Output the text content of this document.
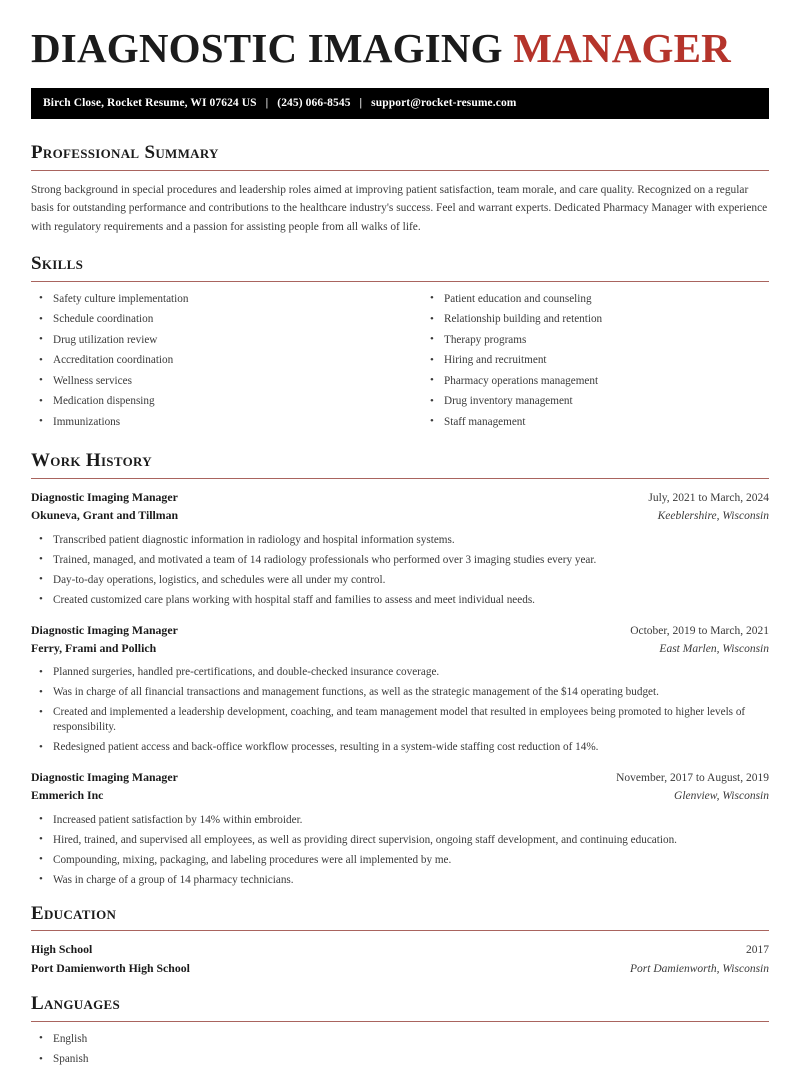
DIAGNOSTIC IMAGING MANAGER
Birch Close, Rocket Resume, WI 07624 US | (245) 066-8545 | support@rocket-resume.com
Professional Summary

Strong background in special procedures and leadership roles aimed at improving patient satisfaction, team morale, and care quality. Recognized on a regular basis for outstanding performance and contributions to the healthcare industry's success. Feel and warrant experts. Dedicated Pharmacy Manager with experience with regulatory requirements and a passion for assisting people from all walks of life.

Skills
• Safety culture implementation
• Schedule coordination
• Drug utilization review
• Accreditation coordination
• Wellness services
• Medication dispensing
• Immunizations
• Patient education and counseling
• Relationship building and retention
• Therapy programs
• Hiring and recruitment
• Pharmacy operations management
• Drug inventory management
• Staff management
Work History
Diagnostic Imaging Manager	July, 2021 to March, 2024
Okuneva, Grant and Tillman	Keeblershire, Wisconsin
• Transcribed patient diagnostic information in radiology and hospital information systems.
• Trained, managed, and motivated a team of 14 radiology professionals who performed over 3 imaging studies every year.
• Day-to-day operations, logistics, and schedules were all under my control.
• Created customized care plans working with hospital staff and families to assess and meet individual needs.
Diagnostic Imaging Manager	October, 2019 to March, 2021
Ferry, Frami and Pollich	East Marlen, Wisconsin
• Planned surgeries, handled pre-certifications, and double-checked insurance coverage.
• Was in charge of all financial transactions and management functions, as well as the strategic management of the $14 operating budget.
• Created and implemented a leadership development, coaching, and team management model that resulted in employees being promoted to higher levels of responsibility.
• Redesigned patient access and back-office workflow processes, resulting in a system-wide staffing cost reduction of 14%.
Diagnostic Imaging Manager	November, 2017 to August, 2019
Emmerich Inc	Glenview, Wisconsin
• Increased patient satisfaction by 14% within embroider.
• Hired, trained, and supervised all employees, as well as providing direct supervision, ongoing staff development, and continuing education.
• Compounding, mixing, packaging, and labeling procedures were all implemented by me.
• Was in charge of a group of 14 pharmacy technicians.
Education
High School	2017
Port Damienworth High School	Port Damienworth, Wisconsin
Languages
• English
• Spanish
